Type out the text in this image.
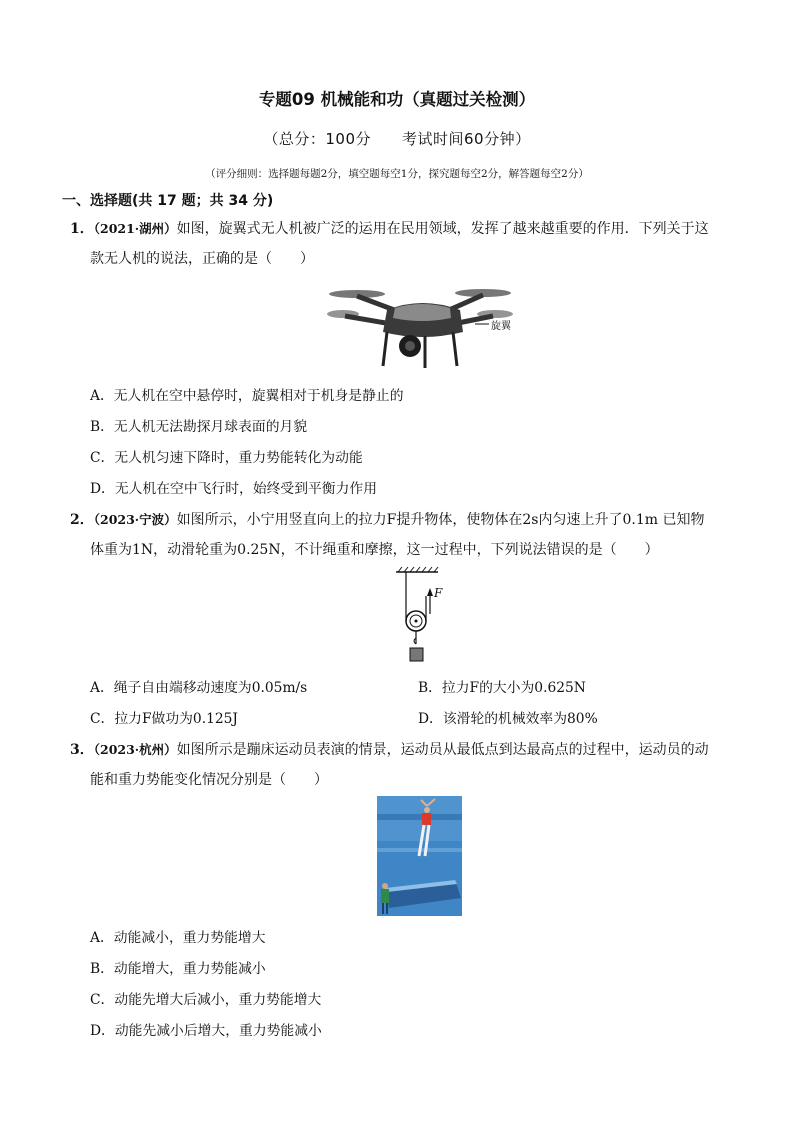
专题09 机械能和功（真题过关检测）
（总分：100分　　考试时间60分钟）
（评分细则：选择题每题2分，填空题每空1分，探究题每空2分，解答题每空2分）
一、选择题(共 17 题；共 34 分)
1．（2021·湖州）如图，旋翼式无人机被广泛的运用在民用领域，发挥了越来越重要的作用．下列关于这
款无人机的说法，正确的是（　　）
旋翼
A．无人机在空中悬停时，旋翼相对于机身是静止的
B．无人机无法勘探月球表面的月貌
C．无人机匀速下降时，重力势能转化为动能
D．无人机在空中飞行时，始终受到平衡力作用
2．（2023·宁波）如图所示，小宁用竖直向上的拉力F提升物体，使物体在2s内匀速上升了0.1m 已知物
体重为1N，动滑轮重为0.25N，不计绳重和摩擦，这一过程中，下列说法错误的是（　　）
F
A．绳子自由端移动速度为0.05m/s	B．拉力F的大小为0.625N
C．拉力F做功为0.125J	D．该滑轮的机械效率为80%
3．（2023·杭州）如图所示是蹦床运动员表演的情景，运动员从最低点到达最高点的过程中，运动员的动
能和重力势能变化情况分别是（　　）
A．动能减小，重力势能增大
B．动能增大，重力势能减小
C．动能先增大后减小，重力势能增大
D．动能先减小后增大，重力势能减小
